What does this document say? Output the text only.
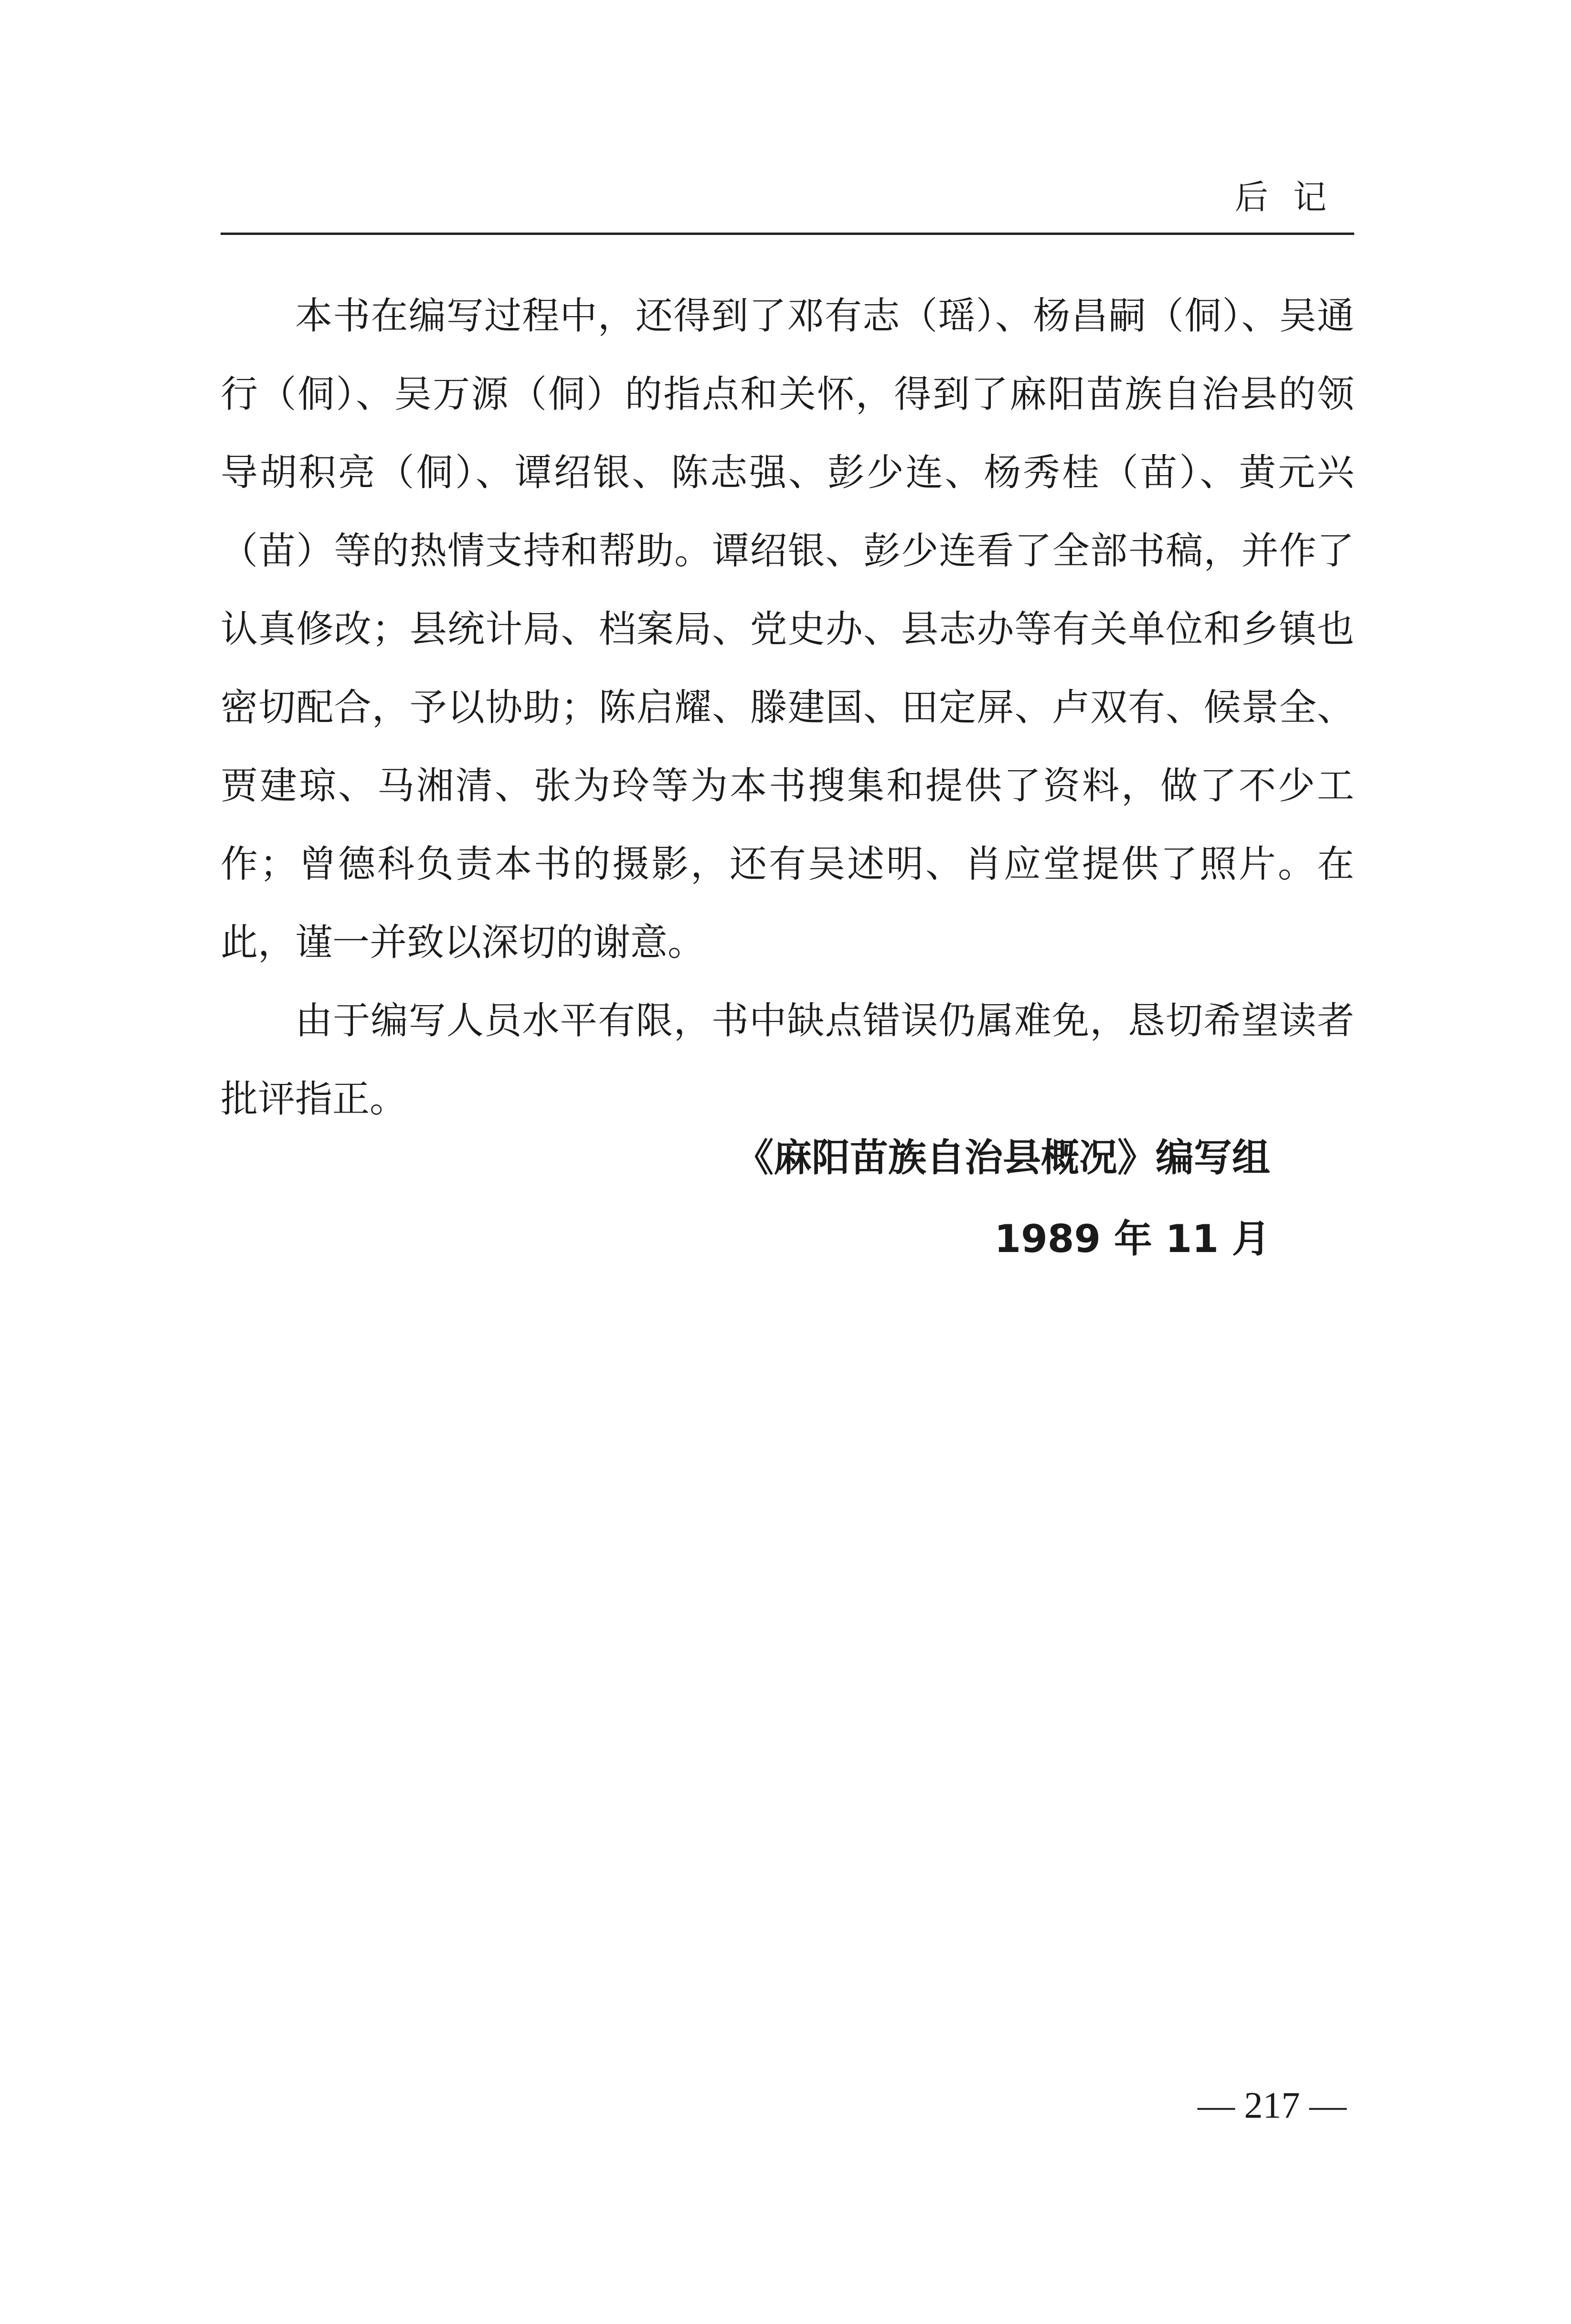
后记

本书在编写过程中，还得到了邓有志（瑶）、杨昌嗣（侗）、吴通行（侗）、吴万源（侗）的指点和关怀，得到了麻阳苗族自治县的领导胡积亮（侗）、谭绍银、陈志强、彭少连、杨秀桂（苗）、黄元兴（苗）等的热情支持和帮助。谭绍银、彭少连看了全部书稿，并作了认真修改；县统计局、档案局、党史办、县志办等有关单位和乡镇也密切配合，予以协助；陈启耀、滕建国、田定屏、卢双有、候景全、贾建琼、马湘清、张为玲等为本书搜集和提供了资料，做了不少工作；曾德科负责本书的摄影，还有吴述明、肖应堂提供了照片。在此，谨一并致以深切的谢意。

由于编写人员水平有限，书中缺点错误仍属难免，恳切希望读者批评指正。

《麻阳苗族自治县概况》编写组
1989 年 11 月
— 217 —
